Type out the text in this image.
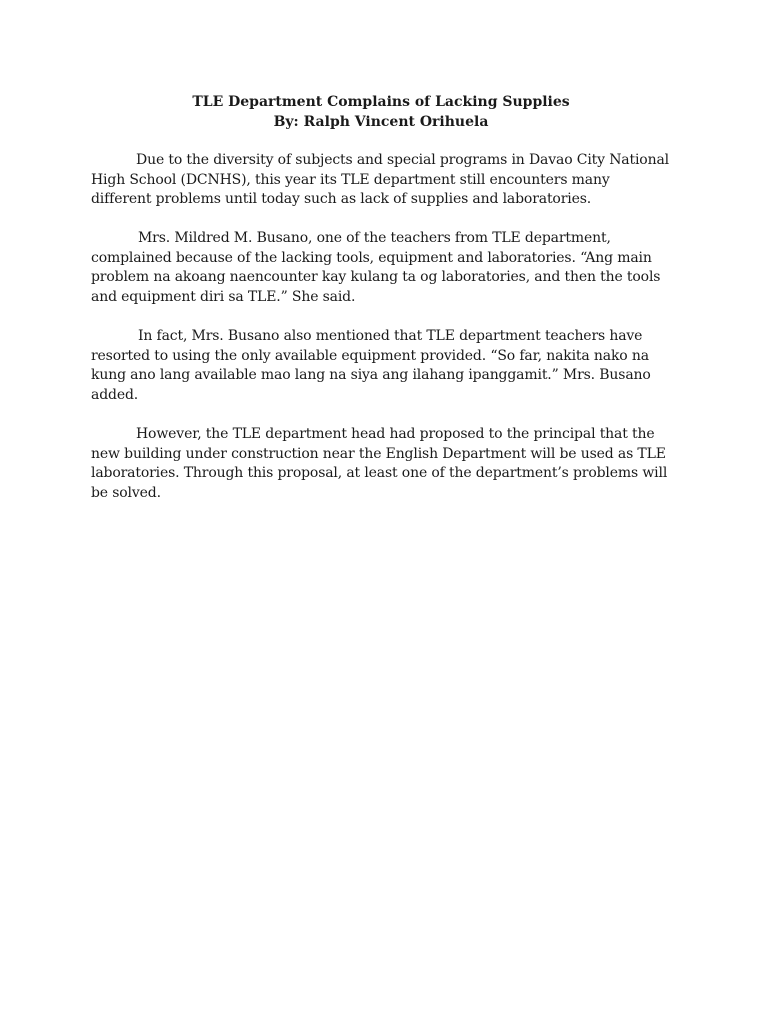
TLE Department Complains of Lacking Supplies
By: Ralph Vincent Orihuela

Due to the diversity of subjects and special programs in Davao City National High School (DCNHS), this year its TLE department still encounters many different problems until today such as lack of supplies and laboratories.

Mrs. Mildred M. Busano, one of the teachers from TLE department, complained because of the lacking tools, equipment and laboratories. “Ang main problem na akoang naencounter kay kulang ta og laboratories, and then the tools and equipment diri sa TLE.” She said.

In fact, Mrs. Busano also mentioned that TLE department teachers have resorted to using the only available equipment provided. “So far, nakita nako na kung ano lang available mao lang na siya ang ilahang ipanggamit.” Mrs. Busano added.

However, the TLE department head had proposed to the principal that the new building under construction near the English Department will be used as TLE laboratories. Through this proposal, at least one of the department’s problems will be solved.
